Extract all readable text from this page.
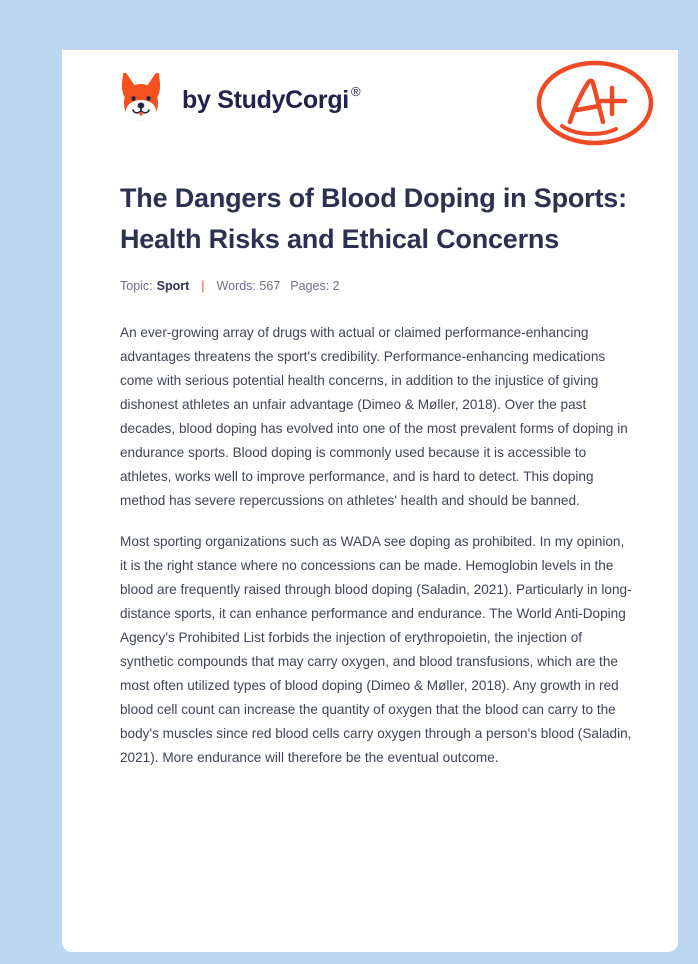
by StudyCorgi ®
The Dangers of Blood Doping in Sports: Health Risks and Ethical Concerns
Topic: Sport | Words: 567 Pages: 2

An ever-growing array of drugs with actual or claimed performance-enhancing advantages threatens the sport's credibility. Performance-enhancing medications come with serious potential health concerns, in addition to the injustice of giving dishonest athletes an unfair advantage (Dimeo & Møller, 2018). Over the past decades, blood doping has evolved into one of the most prevalent forms of doping in endurance sports. Blood doping is commonly used because it is accessible to athletes, works well to improve performance, and is hard to detect. This doping method has severe repercussions on athletes' health and should be banned.

Most sporting organizations such as WADA see doping as prohibited. In my opinion, it is the right stance where no concessions can be made. Hemoglobin levels in the blood are frequently raised through blood doping (Saladin, 2021). Particularly in long-distance sports, it can enhance performance and endurance. The World Anti-Doping Agency's Prohibited List forbids the injection of erythropoietin, the injection of synthetic compounds that may carry oxygen, and blood transfusions, which are the most often utilized types of blood doping (Dimeo & Møller, 2018). Any growth in red blood cell count can increase the quantity of oxygen that the blood can carry to the body's muscles since red blood cells carry oxygen through a person's blood (Saladin, 2021). More endurance will therefore be the eventual outcome.
